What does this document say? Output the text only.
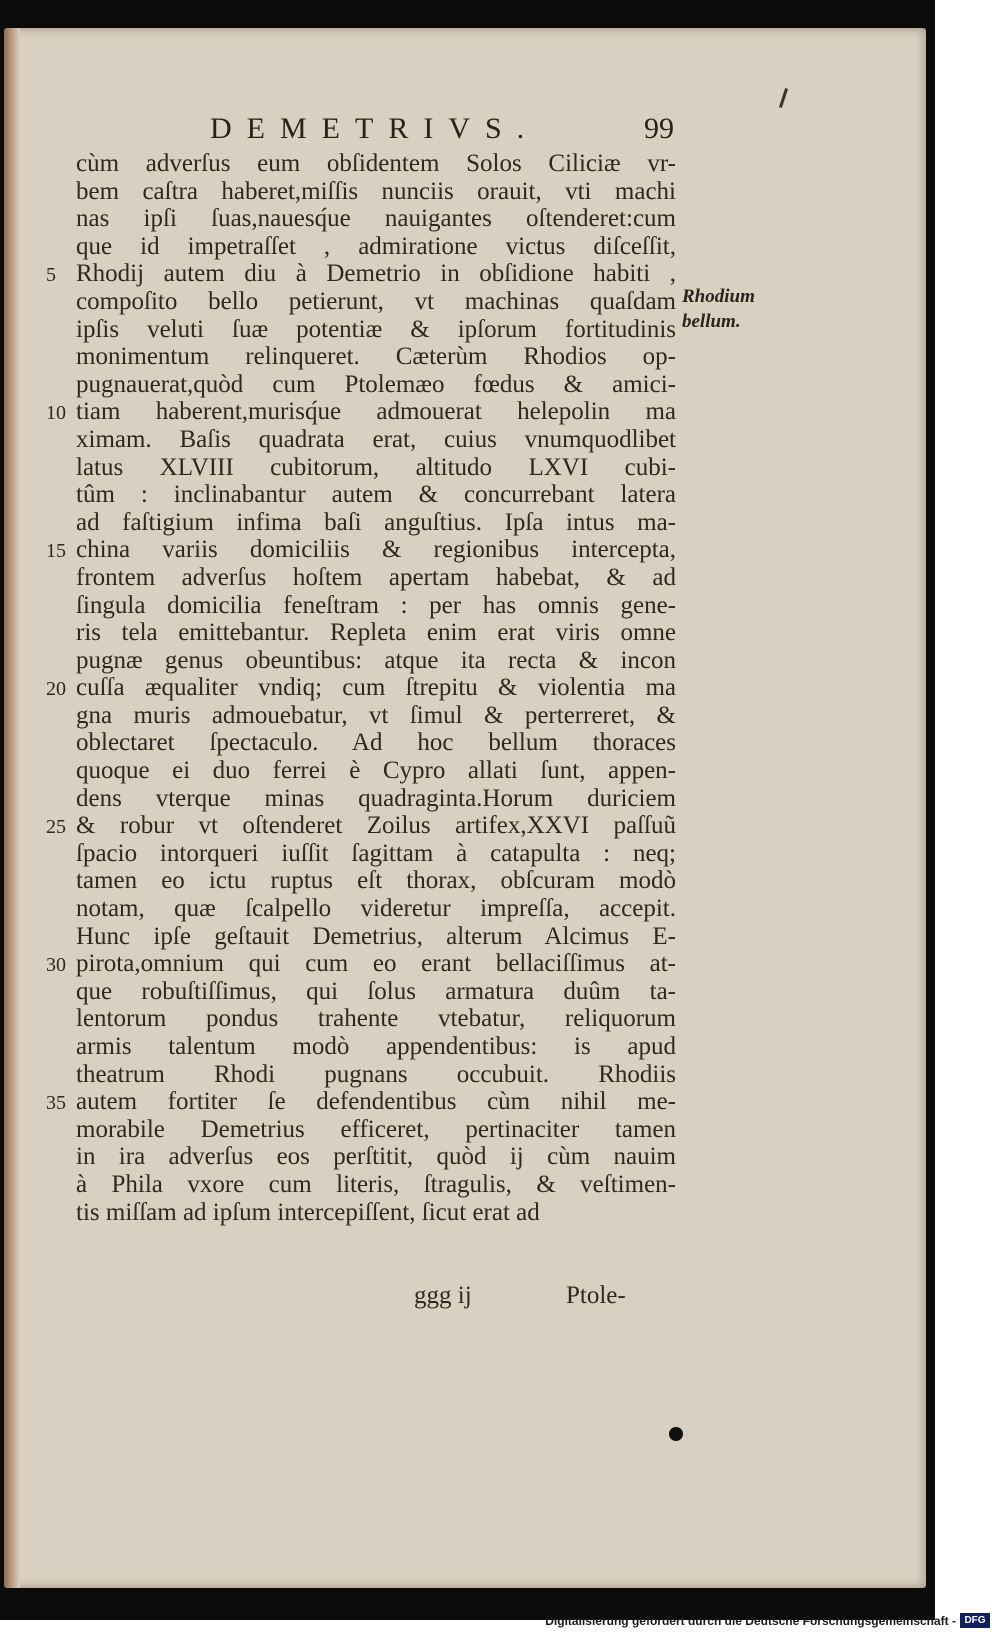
DEMETRIVS.	99
cùm adverſus eum obſidentem Solos Ciliciæ vr-
bem caſtra haberet,miſſis nunciis orauit, vti machi
nas ipſi ſuas,nauesq́ue nauigantes oſtenderet:cum
que id impetraſſet , admiratione victus diſceſſit,
Rhodij autem diu à Demetrio in obſidione habiti ,
compoſito bello petierunt, vt machinas quaſdam
ipſis veluti ſuæ potentiæ & ipſorum fortitudinis
monimentum relinqueret. Cæterùm Rhodios op-
pugnauerat,quòd cum Ptolemæo fœdus & amici-
tiam haberent,murisq́ue admouerat helepolin ma
ximam. Baſis quadrata erat, cuius vnumquodlibet
latus XLVIII cubitorum, altitudo LXVI cubi-
tûm : inclinabantur autem & concurrebant latera
ad faſtigium infima baſi anguſtius. Ipſa intus ma-
china variis domiciliis & regionibus intercepta,
frontem adverſus hoſtem apertam habebat, & ad
ſingula domicilia feneſtram : per has omnis gene-
ris tela emittebantur. Repleta enim erat viris omne
pugnæ genus obeuntibus: atque ita recta & incon
cuſſa æqualiter vndiq; cum ſtrepitu & violentia ma
gna muris admouebatur, vt ſimul & perterreret, &
oblectaret ſpectaculo. Ad hoc bellum thoraces
quoque ei duo ferrei è Cypro allati ſunt, appen-
dens vterque minas quadraginta.Horum duriciem
& robur vt oſtenderet Zoilus artifex,XXVI paſſuũ
ſpacio intorqueri iuſſit ſagittam à catapulta : neq;
tamen eo ictu ruptus eſt thorax, obſcuram modò
notam, quæ ſcalpello videretur impreſſa, accepit.
Hunc ipſe geſtauit Demetrius, alterum Alcimus E-
pirota,omnium qui cum eo erant bellaciſſimus at-
que robuſtiſſimus, qui ſolus armatura duûm ta-
lentorum pondus trahente vtebatur, reliquorum
armis talentum modò appendentibus: is apud
theatrum Rhodi pugnans occubuit. Rhodiis
autem fortiter ſe defendentibus cùm nihil me-
morabile Demetrius efficeret, pertinaciter tamen
in ira adverſus eos perſtitit, quòd ij cùm nauim
à Phila vxore cum literis, ſtragulis, & veſtimen-
tis miſſam ad ipſum intercepiſſent, ſicut erat ad
ggg ij	Ptole-
5
10
15
20
25
30
35
Rhodium
bellum.
Digitalisierung gefördert durch die Deutsche Forschungsgemeinschaft - DFG
